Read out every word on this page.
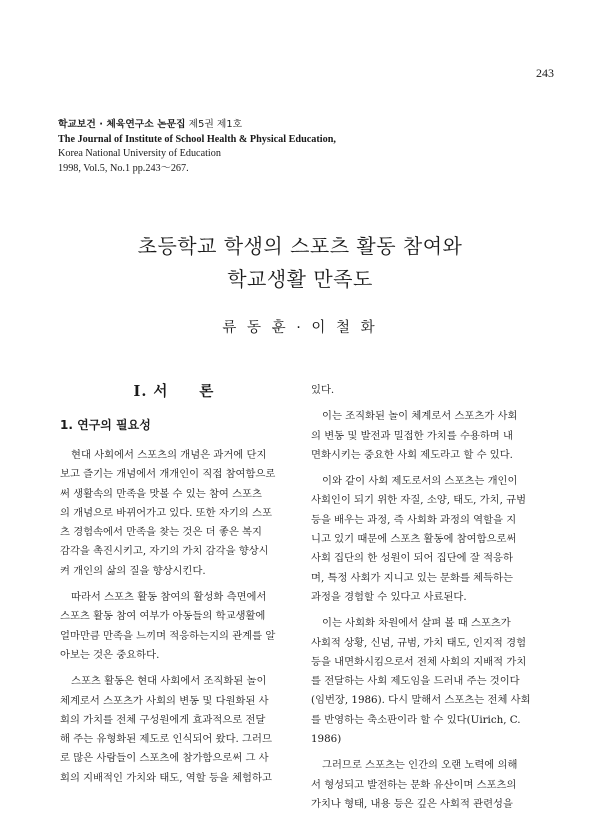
243
학교보건 · 체육연구소 논문집 제5권 제1호
The Journal of Institute of School Health & Physical Education,
Korea National University of Education
1998, Vol.5, No.1 pp.243～267.
초등학교 학생의 스포츠 활동 참여와
학교생활 만족도
류 동 훈 · 이 철 화
Ⅰ. 서　　론
1. 연구의 필요성
현대 사회에서 스포츠의 개념은 과거에 단지
보고 즐기는 개념에서 개개인이 직접 참여함으로
써 생활속의 만족을 맛볼 수 있는 참여 스포츠
의 개념으로 바뀌어가고 있다. 또한 자기의 스포
츠 경험속에서 만족을 찾는 것은 더 좋은 복지
감각을 촉진시키고, 자기의 가치 감각을 향상시
켜 개인의 삶의 질을 향상시킨다.
따라서 스포츠 활동 참여의 활성화 측면에서
스포츠 활동 참여 여부가 아동들의 학교생활에
얼마만큼 만족을 느끼며 적응하는지의 관계를 알
아보는 것은 중요하다.
스포츠 활동은 현대 사회에서 조직화된 놀이
체계로서 스포츠가 사회의 변동 및 다원화된 사
회의 가치를 전체 구성원에게 효과적으로 전달
해 주는 유형화된 제도로 인식되어 왔다. 그러므
로 많은 사람들이 스포츠에 참가함으로써 그 사
회의 지배적인 가치와 태도, 역할 등을 체험하고
있다.
이는 조직화된 놀이 체계로서 스포츠가 사회
의 변동 및 발전과 밀접한 가치를 수용하며 내
면화시키는 중요한 사회 제도라고 할 수 있다.
이와 같이 사회 제도로서의 스포츠는 개인이
사회인이 되기 위한 자질, 소양, 태도, 가치, 규범
등을 배우는 과정, 즉 사회화 과정의 역할을 지
니고 있기 때문에 스포츠 활동에 참여함으로써
사회 집단의 한 성원이 되어 집단에 잘 적응하
며, 특정 사회가 지니고 있는 문화를 체득하는
과정을 경험할 수 있다고 사료된다.
이는 사회화 차원에서 살펴 볼 때 스포츠가
사회적 상황, 신념, 규범, 가치 태도, 인지적 경험
등을 내면화시킴으로서 전체 사회의 지배적 가치
를 전달하는 사회 제도임을 드러내 주는 것이다
(임번장, 1986). 다시 말해서 스포츠는 전체 사회
를 반영하는 축소판이라 할 수 있다(Uirich, C.
1986)
그러므로 스포츠는 인간의 오랜 노력에 의해
서 형성되고 발전하는 문화 유산이며 스포츠의
가치나 형태, 내용 등은 깊은 사회적 관련성을
